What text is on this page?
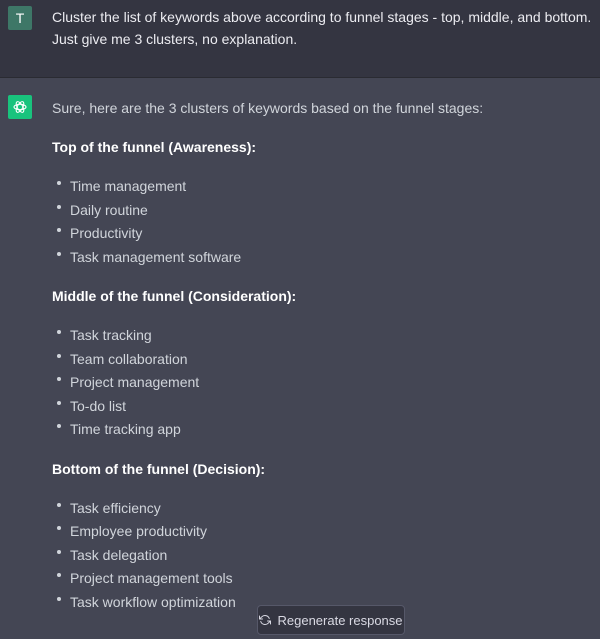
T	Cluster the list of keywords above according to funnel stages - top, middle, and bottom. Just give me 3 clusters, no explanation.

Sure, here are the 3 clusters of keywords based on the funnel stages:

Top of the funnel (Awareness):

Time management
Daily routine
Productivity
Task management software

Middle of the funnel (Consideration):

Task tracking
Team collaboration
Project management
To-do list
Time tracking app

Bottom of the funnel (Decision):

Task efficiency
Employee productivity
Task delegation
Project management tools
Task workflow optimization
Regenerate response
